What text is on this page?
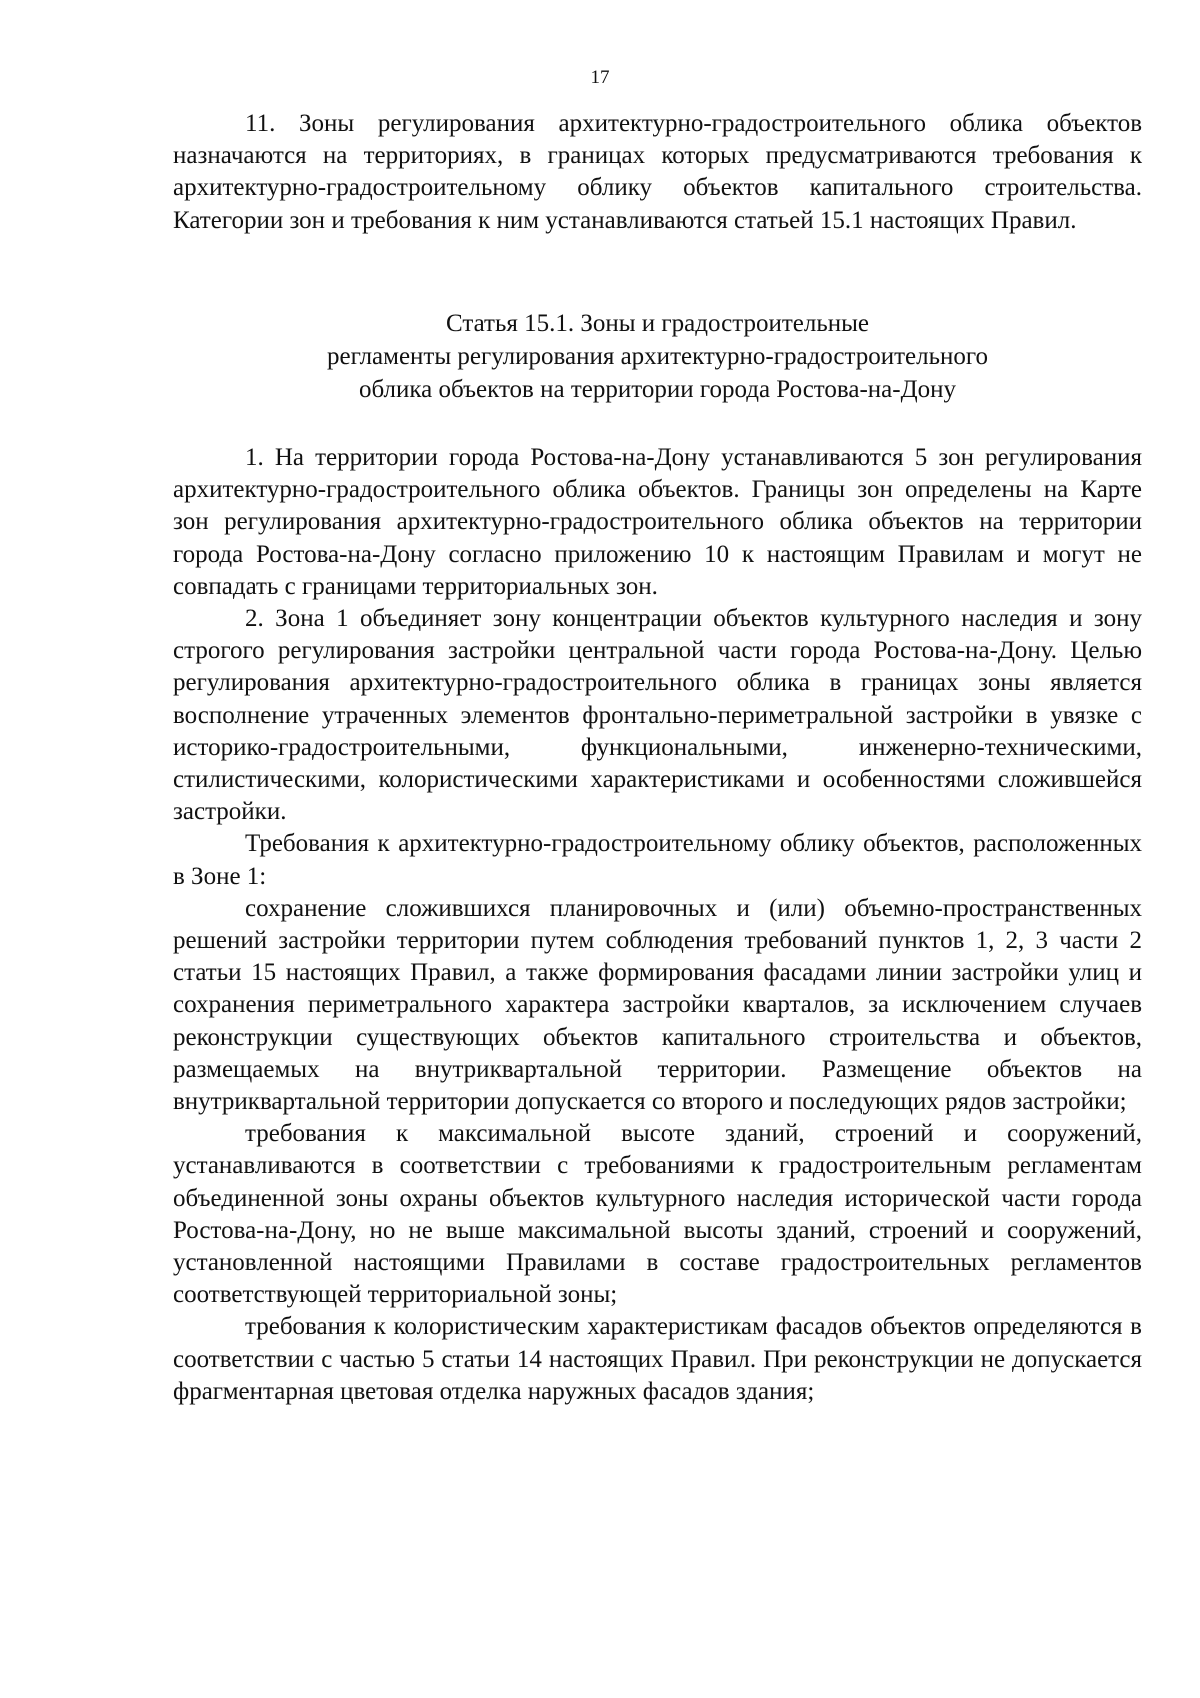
17

11. Зоны регулирования архитектурно-градостроительного облика объектов назначаются на территориях, в границах которых предусматриваются требования к архитектурно-градостроительному облику объектов капитального строительства. Категории зон и требования к ним устанавливаются статьей 15.1 настоящих Правил.

Статья 15.1. Зоны и градостроительные
регламенты регулирования архитектурно-градостроительного
облика объектов на территории города Ростова-на-Дону

1. На территории города Ростова-на-Дону устанавливаются 5 зон регулирования архитектурно-градостроительного облика объектов. Границы зон определены на Карте зон регулирования архитектурно-градостроительного облика объектов на территории города Ростова-на-Дону согласно приложению 10 к настоящим Правилам и могут не совпадать с границами территориальных зон.

2. Зона 1 объединяет зону концентрации объектов культурного наследия и зону строгого регулирования застройки центральной части города Ростова-на-Дону. Целью регулирования архитектурно-градостроительного облика в границах зоны является восполнение утраченных элементов фронтально-периметральной застройки в увязке с историко-градостроительными, функциональными, инженерно-техническими, стилистическими, колористическими характеристиками и особенностями сложившейся застройки.

Требования к архитектурно-градостроительному облику объектов, расположенных в Зоне 1:

сохранение сложившихся планировочных и (или) объемно-пространственных решений застройки территории путем соблюдения требований пунктов 1, 2, 3 части 2 статьи 15 настоящих Правил, а также формирования фасадами линии застройки улиц и сохранения периметрального характера застройки кварталов, за исключением случаев реконструкции существующих объектов капитального строительства и объектов, размещаемых на внутриквартальной территории. Размещение объектов на внутриквартальной территории допускается со второго и последующих рядов застройки;

требования к максимальной высоте зданий, строений и сооружений, устанавливаются в соответствии с требованиями к градостроительным регламентам объединенной зоны охраны объектов культурного наследия исторической части города Ростова-на-Дону, но не выше максимальной высоты зданий, строений и сооружений, установленной настоящими Правилами в составе градостроительных регламентов соответствующей территориальной зоны;

требования к колористическим характеристикам фасадов объектов определяются в соответствии с частью 5 статьи 14 настоящих Правил. При реконструкции не допускается фрагментарная цветовая отделка наружных фасадов здания;
